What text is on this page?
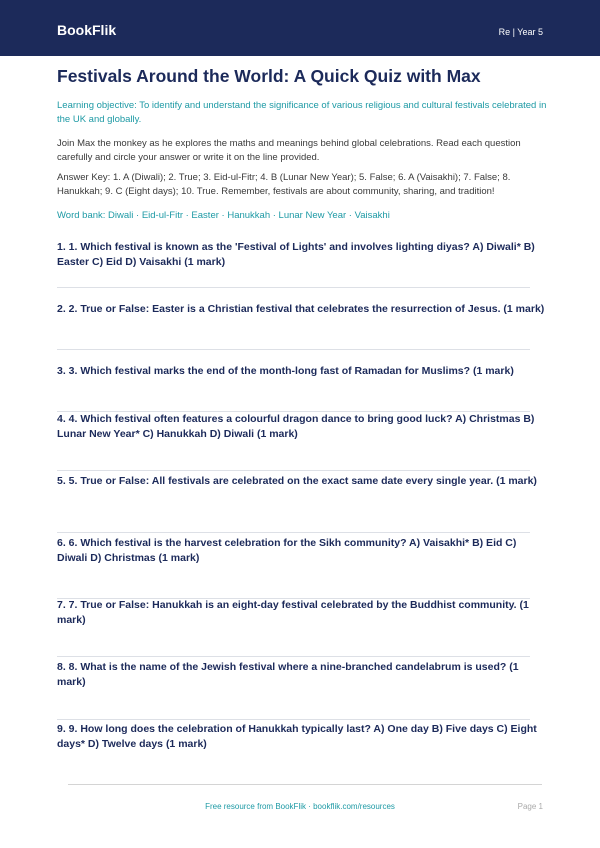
BookFlik	Re | Year 5
Festivals Around the World: A Quick Quiz with Max

Learning objective: To identify and understand the significance of various religious and cultural festivals celebrated in the UK and globally.

Join Max the monkey as he explores the maths and meanings behind global celebrations. Read each question carefully and circle your answer or write it on the line provided.

Answer Key: 1. A (Diwali); 2. True; 3. Eid-ul-Fitr; 4. B (Lunar New Year); 5. False; 6. A (Vaisakhi); 7. False; 8. Hanukkah; 9. C (Eight days); 10. True. Remember, festivals are about community, sharing, and tradition!

Word bank: Diwali · Eid-ul-Fitr · Easter · Hanukkah · Lunar New Year · Vaisakhi

1. 1. Which festival is known as the 'Festival of Lights' and involves lighting diyas? A) Diwali* B) Easter C) Eid D) Vaisakhi (1 mark)

2. 2. True or False: Easter is a Christian festival that celebrates the resurrection of Jesus. (1 mark)

3. 3. Which festival marks the end of the month-long fast of Ramadan for Muslims? (1 mark)

4. 4. Which festival often features a colourful dragon dance to bring good luck? A) Christmas B) Lunar New Year* C) Hanukkah D) Diwali (1 mark)

5. 5. True or False: All festivals are celebrated on the exact same date every single year. (1 mark)

6. 6. Which festival is the harvest celebration for the Sikh community? A) Vaisakhi* B) Eid C) Diwali D) Christmas (1 mark)

7. 7. True or False: Hanukkah is an eight-day festival celebrated by the Buddhist community. (1 mark)

8. 8. What is the name of the Jewish festival where a nine-branched candelabrum is used? (1 mark)

9. 9. How long does the celebration of Hanukkah typically last? A) One day B) Five days C) Eight days* D) Twelve days (1 mark)

Free resource from BookFlik · bookflik.com/resources	Page 1
